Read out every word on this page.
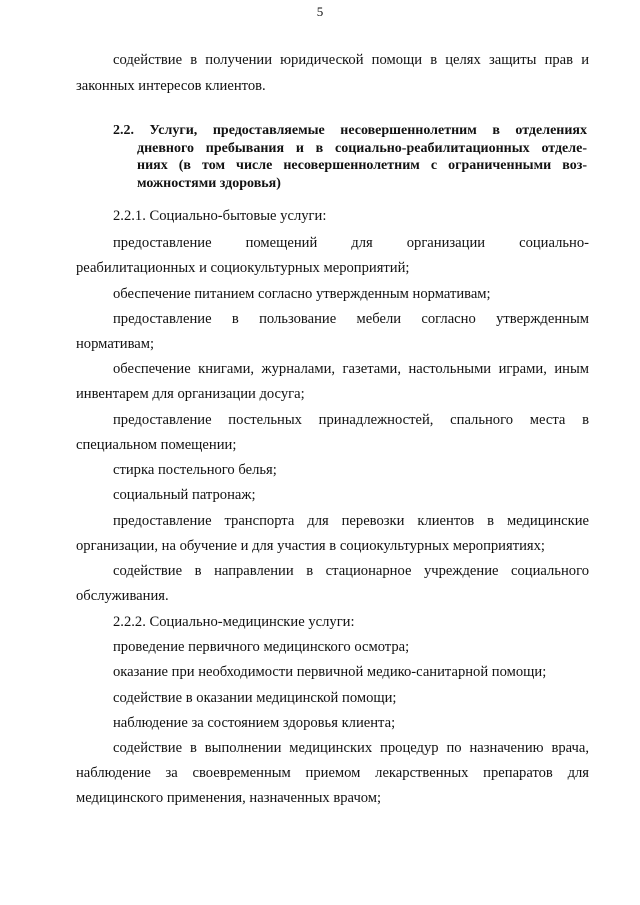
5
содействие в получении юридической помощи в целях защиты прав и
законных интересов клиентов.
2.2. Услуги, предоставляемые несовершеннолетним в отделениях
дневного пребывания и в социально-реабилитационных отделе-
ниях (в том числе несовершеннолетним с ограниченными воз-
можностями здоровья)
2.2.1. Социально-бытовые услуги:
предоставление помещений для организации социально-
реабилитационных и социокультурных мероприятий;
обеспечение питанием согласно утвержденным нормативам;
предоставление в пользование мебели согласно утвержденным
нормативам;
обеспечение книгами, журналами, газетами, настольными играми, иным
инвентарем для организации досуга;
предоставление постельных принадлежностей, спального места в
специальном помещении;
стирка постельного белья;
социальный патронаж;
предоставление транспорта для перевозки клиентов в медицинские
организации, на обучение и для участия в социокультурных мероприятиях;
содействие в направлении в стационарное учреждение социального
обслуживания.
2.2.2. Социально-медицинские услуги:
проведение первичного медицинского осмотра;
оказание при необходимости первичной медико-санитарной помощи;
содействие в оказании медицинской помощи;
наблюдение за состоянием здоровья клиента;
содействие в выполнении медицинских процедур по назначению врача,
наблюдение за своевременным приемом лекарственных препаратов для
медицинского применения, назначенных врачом;
